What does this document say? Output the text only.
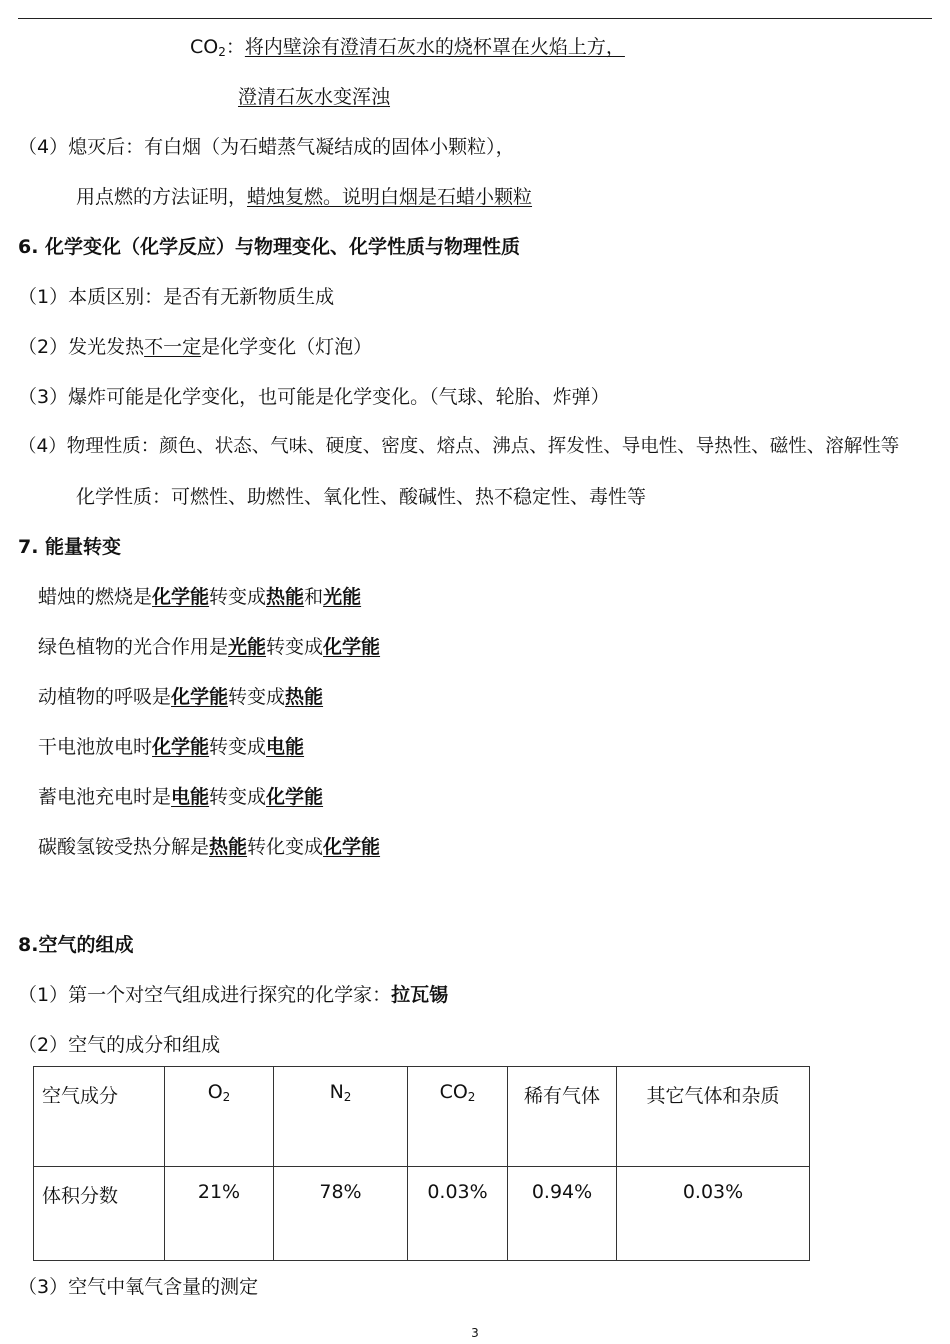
$CO_2$：将内壁涂有澄清石灰水的烧杯罩在火焰上方，
澄清石灰水变浑浊
（4）熄灭后：有白烟（为石蜡蒸气凝结成的固体小颗粒），
用点燃的方法证明，蜡烛复燃。说明白烟是石蜡小颗粒
6. 化学变化（化学反应）与物理变化、化学性质与物理性质
（1）本质区别：是否有无新物质生成
（2）发光发热不一定是化学变化（灯泡）
（3）爆炸可能是化学变化，也可能是化学变化。（气球、轮胎、炸弹）
（4）物理性质：颜色、状态、气味、硬度、密度、熔点、沸点、挥发性、导电性、导热性、磁性、溶解性等
化学性质：可燃性、助燃性、氧化性、酸碱性、热不稳定性、毒性等
7. 能量转变
蜡烛的燃烧是化学能转变成热能和光能
绿色植物的光合作用是光能转变成化学能
动植物的呼吸是化学能转变成热能
干电池放电时化学能转变成电能
蓄电池充电时是电能转变成化学能
碳酸氢铵受热分解是热能转化变成化学能
8.空气的组成
（1）第一个对空气组成进行探究的化学家：拉瓦锡
（2）空气的成分和组成
空气成分	$O_2$	$N_2$	$CO_2$	稀有气体	其它气体和杂质
体积分数	21%	78%	0.03%	0.94%	0.03%
（3）空气中氧气含量的测定
3
